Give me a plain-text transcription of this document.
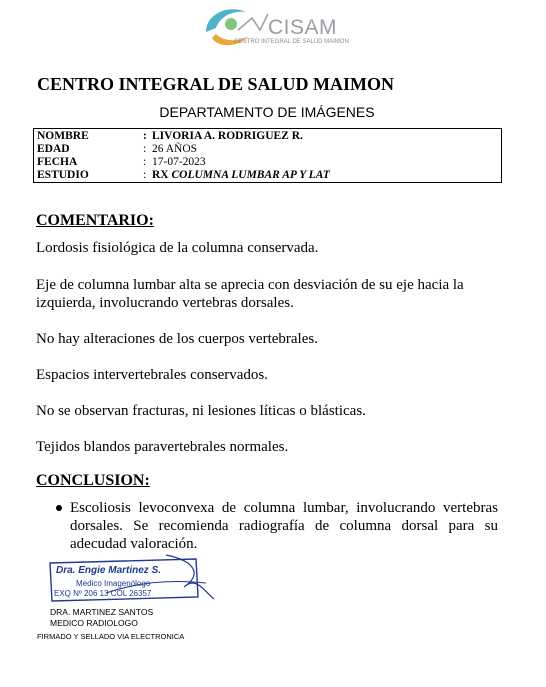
CISAM
CENTRO INTEGRAL DE SALUD MAIMON
CENTRO INTEGRAL DE SALUD MAIMON
DEPARTAMENTO DE IMÁGENES
NOMBRE	: LIVORIA A. RODRIGUEZ R.
EDAD	: 26 AÑOS
FECHA	: 17-07-2023
ESTUDIO	: RX COLUMNA LUMBAR AP Y LAT
COMENTARIO:
Lordosis fisiológica de la columna conservada.
Eje de columna lumbar alta se aprecia con desviación de su eje hacia la izquierda, involucrando vertebras dorsales.
No hay alteraciones de los cuerpos vertebrales.
Espacios intervertebrales conservados.
No se observan fracturas, ni lesiones líticas o blásticas.
Tejidos blandos paravertebrales normales.
CONCLUSION:
Escoliosis levoconvexa de columna lumbar, involucrando vertebras dorsales. Se recomienda radiografía de columna dorsal para su adecudad valoración.
Dra. Engie Martinez S.
Medico Imagenólogo
EXQ Nº 206 13 COL 26357
DRA. MARTINEZ SANTOS
MEDICO RADIOLOGO
FIRMADO Y SELLADO VIA ELECTRONICA
